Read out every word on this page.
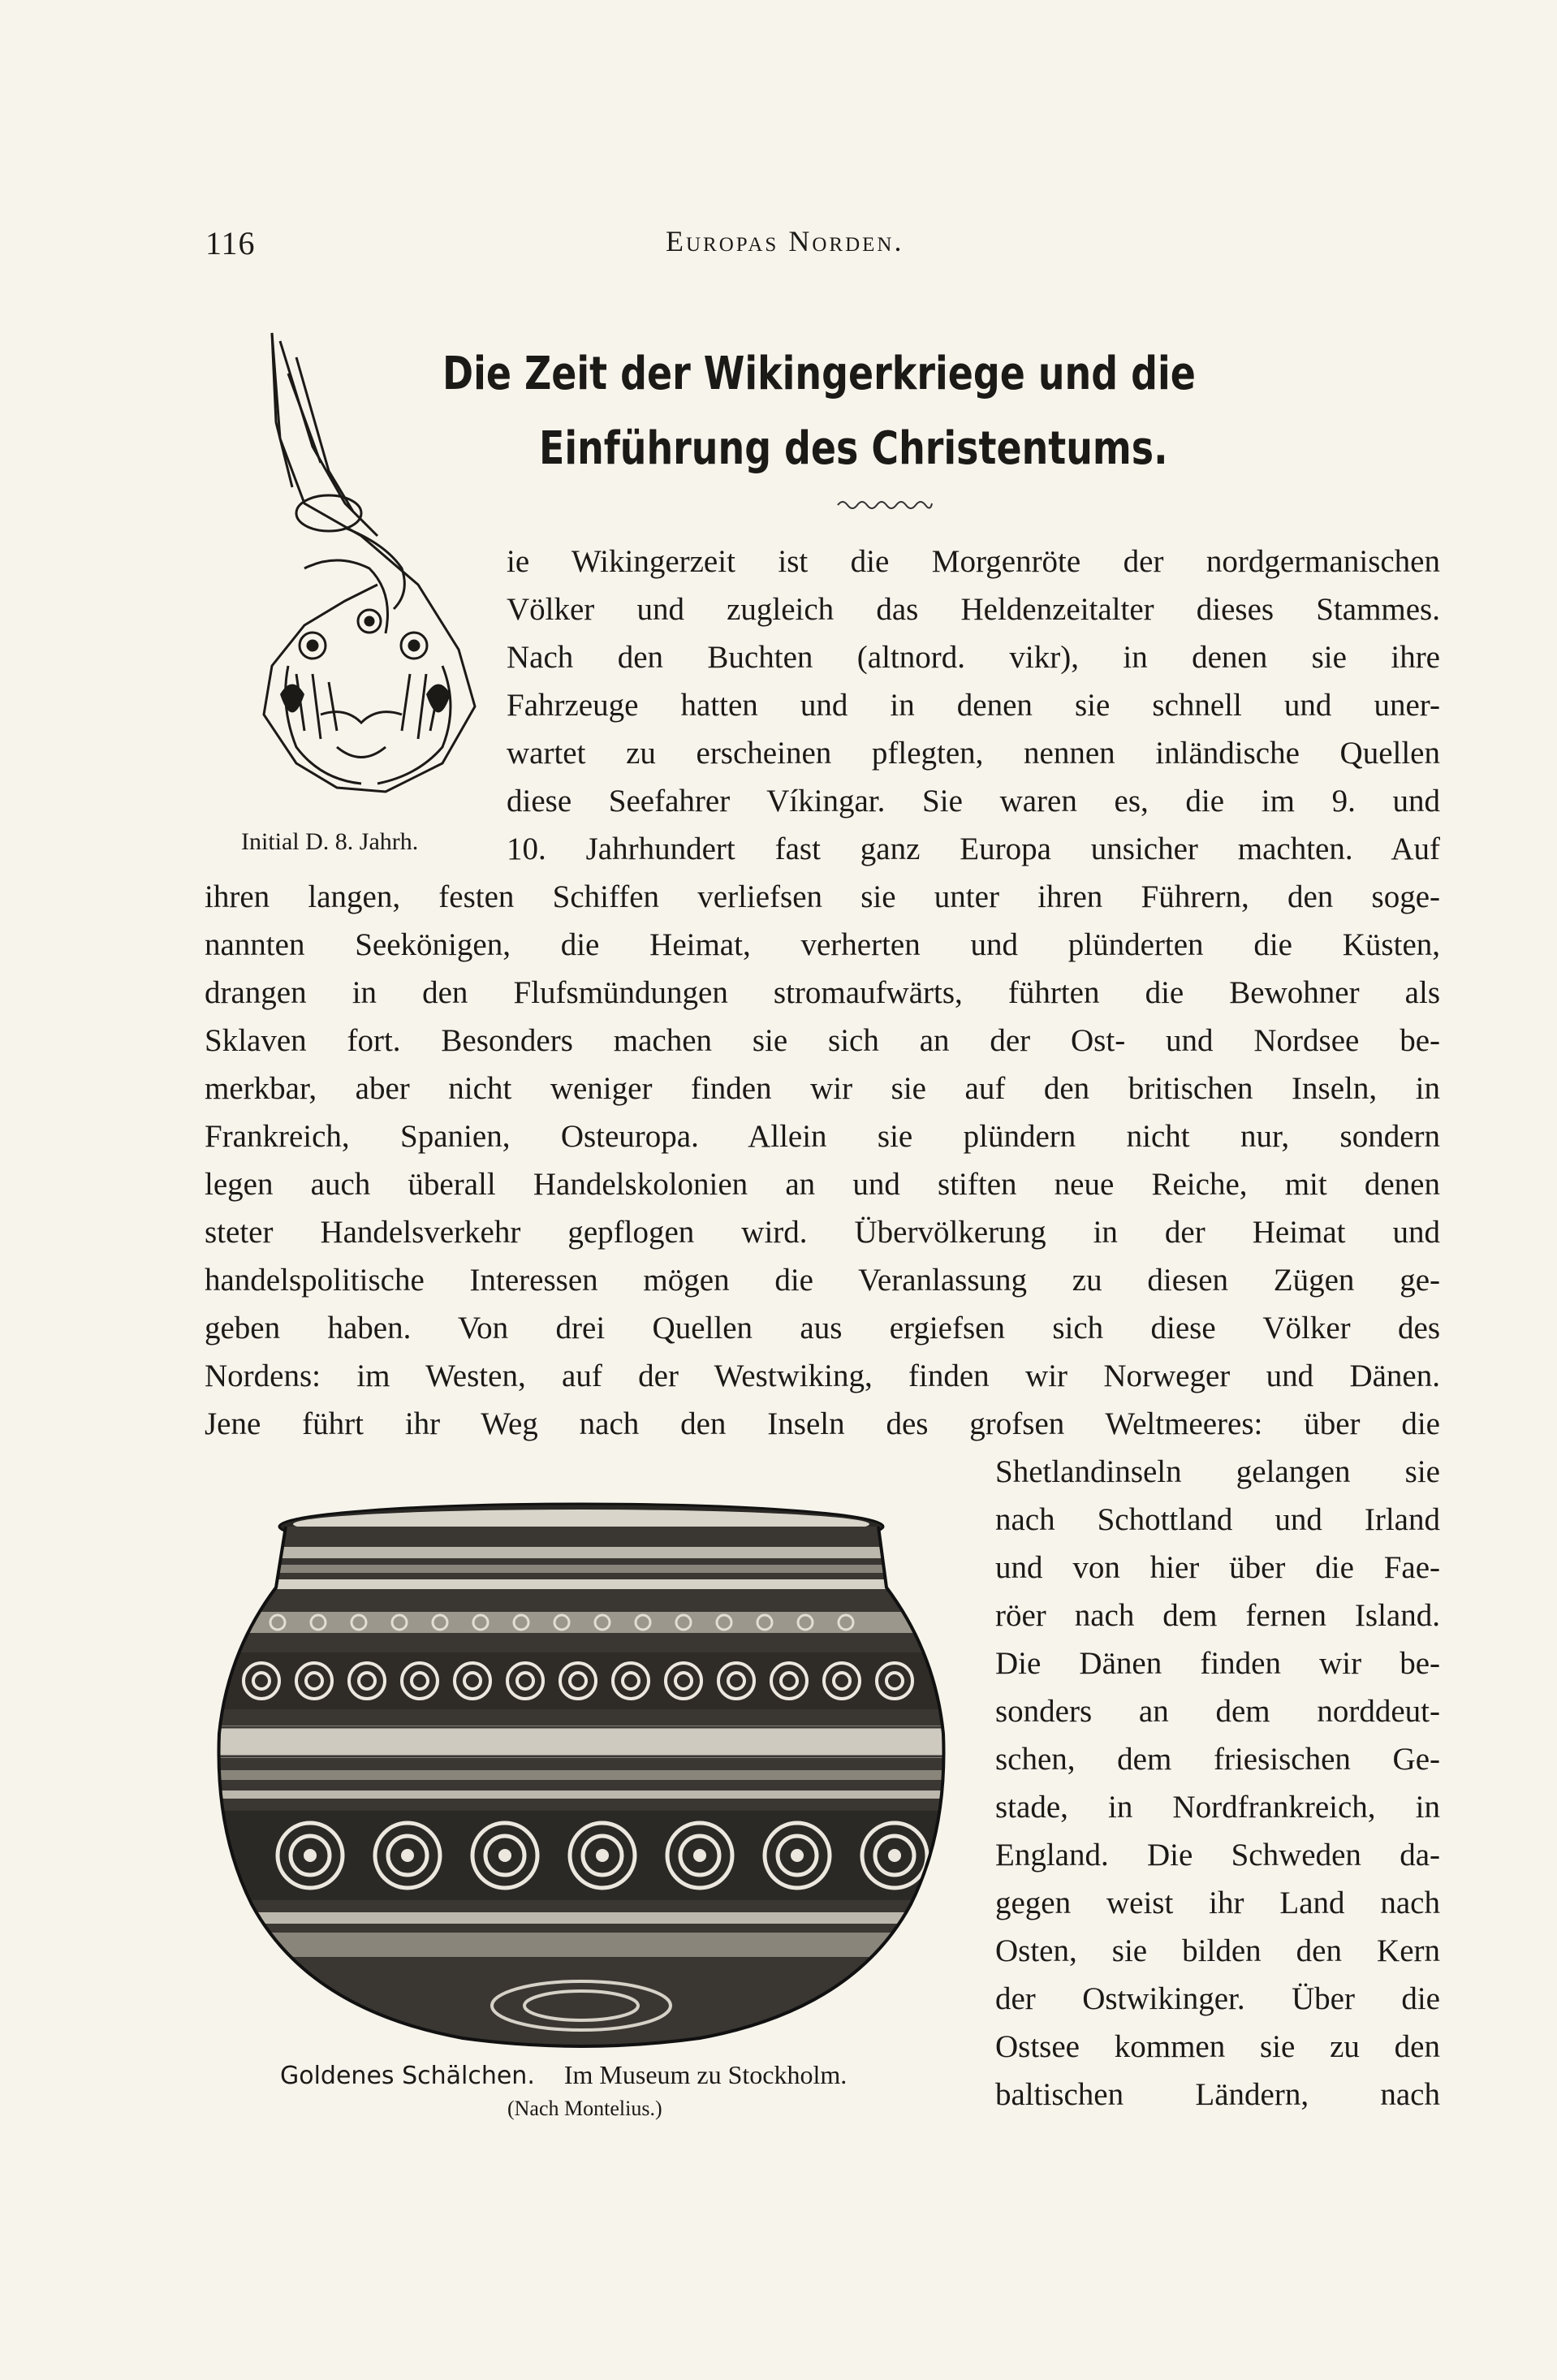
116	Europas Norden.
Die Zeit der Wikingerkriege und die
Einführung des Christentums.
Initial D. 8. Jahrh.
ie Wikingerzeit ist die Morgenröte der nordgermanischen
Völker und zugleich das Heldenzeitalter dieses Stammes.
Nach den Buchten (altnord. vikr), in denen sie ihre
Fahrzeuge hatten und in denen sie schnell und uner-
wartet zu erscheinen pflegten, nennen inländische Quellen
diese Seefahrer Víkingar. Sie waren es, die im 9. und
10. Jahrhundert fast ganz Europa unsicher machten. Auf
ihren langen, festen Schiffen verliefsen sie unter ihren Führern, den soge-
nannten Seekönigen, die Heimat, verherten und plünderten die Küsten,
drangen in den Flufsmündungen stromaufwärts, führten die Bewohner als
Sklaven fort. Besonders machen sie sich an der Ost- und Nordsee be-
merkbar, aber nicht weniger finden wir sie auf den britischen Inseln, in
Frankreich, Spanien, Osteuropa. Allein sie plündern nicht nur, sondern
legen auch überall Handelskolonien an und stiften neue Reiche, mit denen
steter Handelsverkehr gepflogen wird. Übervölkerung in der Heimat und
handelspolitische Interessen mögen die Veranlassung zu diesen Zügen ge-
geben haben. Von drei Quellen aus ergiefsen sich diese Völker des
Nordens: im Westen, auf der Westwiking, finden wir Norweger und Dänen.
Jene führt ihr Weg nach den Inseln des grofsen Weltmeeres: über die
Shetlandinseln gelangen sie
nach Schottland und Irland
und von hier über die Fae-
röer nach dem fernen Island.
Die Dänen finden wir be-
sonders an dem norddeut-
schen, dem friesischen Ge-
stade, in Nordfrankreich, in
England. Die Schweden da-
gegen weist ihr Land nach
Osten, sie bilden den Kern
der Ostwikinger. Über die
Ostsee kommen sie zu den
baltischen Ländern, nach
Goldenes Schälchen. Im Museum zu Stockholm.
(Nach Montelius.)
